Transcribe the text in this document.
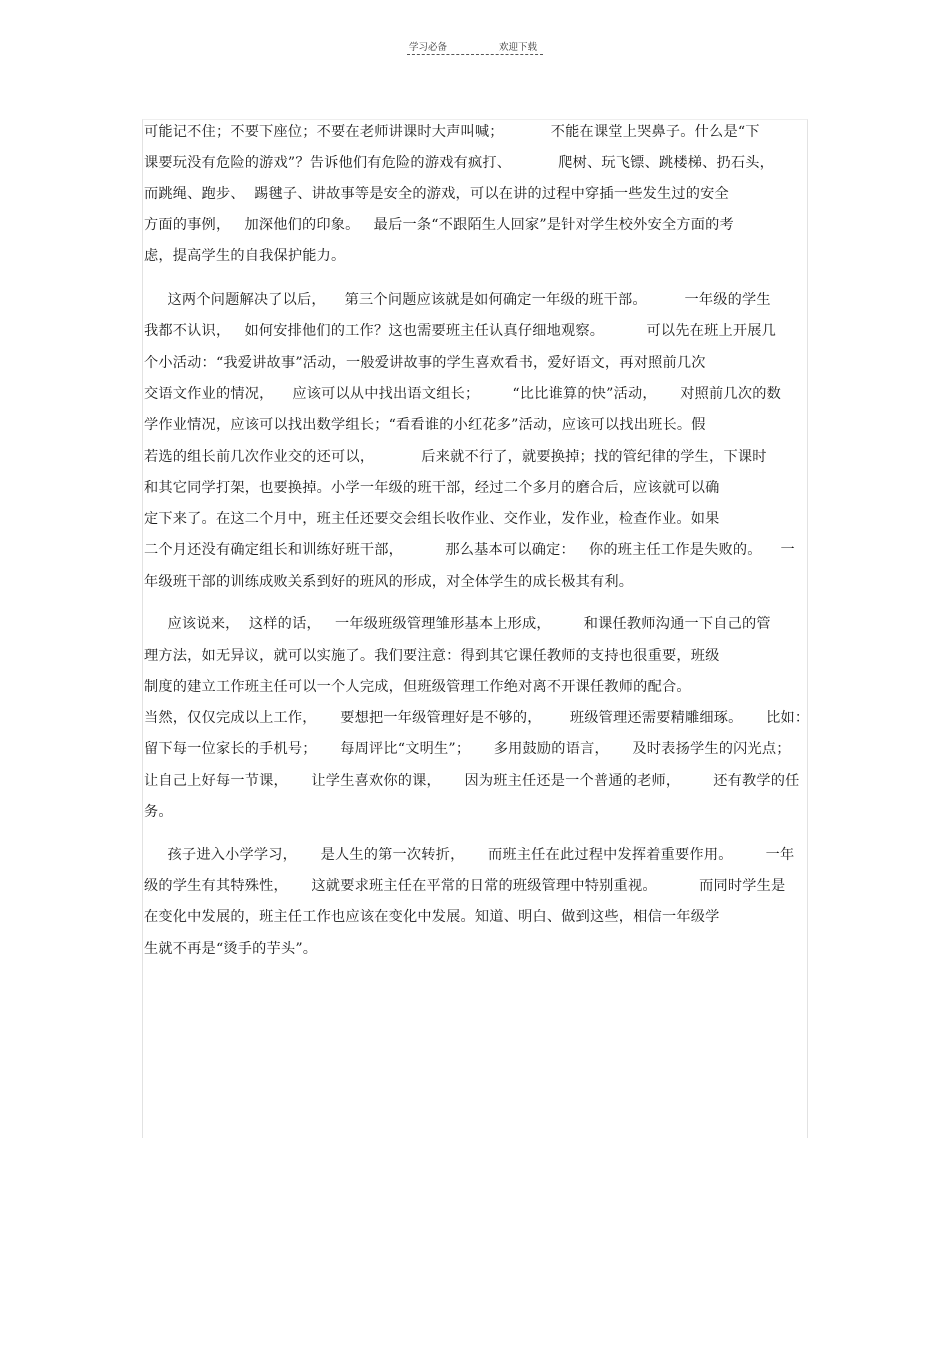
学习必备	欢迎下载
可能记不住；不要下座位；不要在老师讲课时大声叫喊；          不能在课堂上哭鼻子。什么是“下
课要玩没有危险的游戏”？告诉他们有危险的游戏有疯打、          爬树、玩飞镖、跳楼梯、扔石头，
而跳绳、跑步、  踢毽子、讲故事等是安全的游戏，可以在讲的过程中穿插一些发生过的安全
方面的事例，   加深他们的印象。   最后一条“不跟陌生人回家”是针对学生校外安全方面的考
虑，提高学生的自我保护能力。
这两个问题解决了以后，    第三个问题应该就是如何确定一年级的班干部。        一年级的学生
我都不认识，   如何安排他们的工作？这也需要班主任认真仔细地观察。         可以先在班上开展几
个小活动：“我爱讲故事”活动，一般爱讲故事的学生喜欢看书，爱好语文，再对照前几次
交语文作业的情况，    应该可以从中找出语文组长；       “比比谁算的快”活动，     对照前几次的数
学作业情况，应该可以找出数学组长；“看看谁的小红花多”活动，应该可以找出班长。假
若选的组长前几次作业交的还可以，          后来就不行了，就要换掉；找的管纪律的学生，下课时
和其它同学打架，也要换掉。小学一年级的班干部，经过二个多月的磨合后，应该就可以确
定下来了。在这二个月中，班主任还要交会组长收作业、交作业，发作业，检查作业。如果
二个月还没有确定组长和训练好班干部，         那么基本可以确定：   你的班主任工作是失败的。    一
年级班干部的训练成败关系到好的班风的形成，对全体学生的成长极其有利。
应该说来，  这样的话，   一年级班级管理雏形基本上形成，       和课任教师沟通一下自己的管
理方法，如无异议，就可以实施了。我们要注意：得到其它课任教师的支持也很重要，班级
制度的建立工作班主任可以一个人完成，但班级管理工作绝对离不开课任教师的配合。
当然，仅仅完成以上工作，     要想把一年级管理好是不够的，      班级管理还需要精雕细琢。     比如：
留下每一位家长的手机号；     每周评比“文明生”；     多用鼓励的语言，     及时表扬学生的闪光点；
让自己上好每一节课，     让学生喜欢你的课，     因为班主任还是一个普通的老师，       还有教学的任
务。
孩子进入小学学习，     是人生的第一次转折，     而班主任在此过程中发挥着重要作用。       一年
级的学生有其特殊性，     这就要求班主任在平常的日常的班级管理中特别重视。         而同时学生是
在变化中发展的，班主任工作也应该在变化中发展。知道、明白、做到这些，相信一年级学
生就不再是“烫手的芋头”。
